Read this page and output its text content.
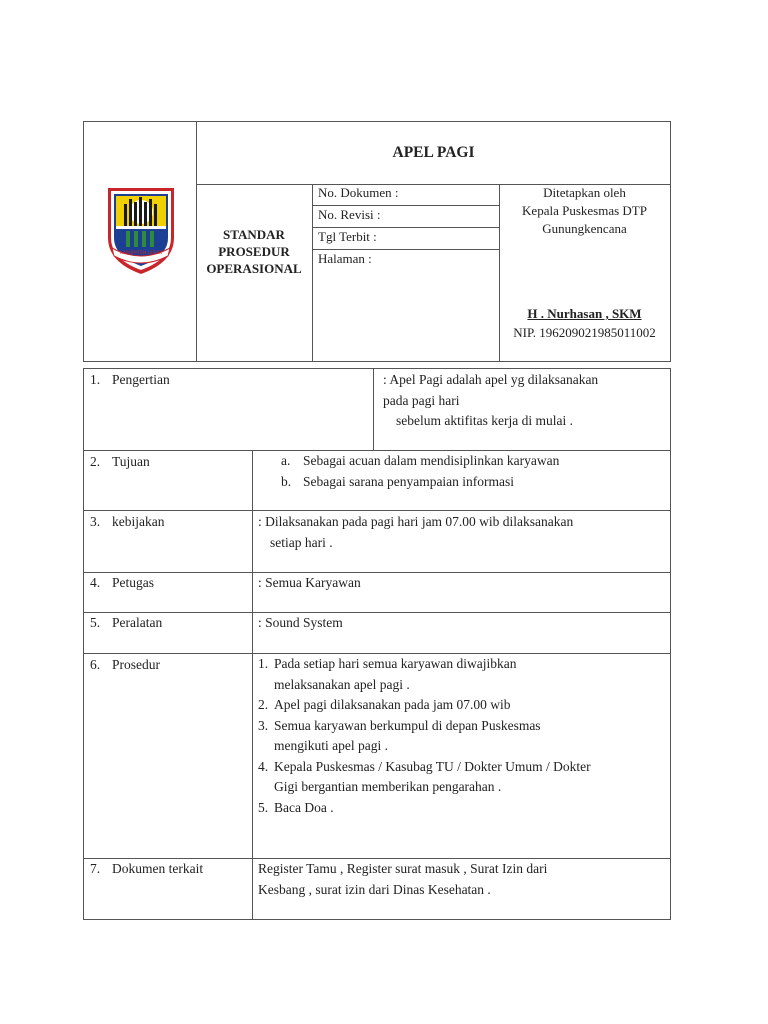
KABUPATEN LEBAK
APEL PAGI
STANDAR
PROSEDUR
OPERASIONAL
No. Dokumen :
No. Revisi :
Tgl Terbit :
Halaman :
Ditetapkan oleh
Kepala Puskesmas DTP
Gunungkencana
H . Nurhasan , SKM
NIP. 196209021985011002
1. Pengertian	: Apel Pagi adalah apel yg dilaksanakan
pada pagi hari
sebelum aktifitas kerja di mulai .
2. Tujuan	a. Sebagai acuan dalam mendisiplinkan karyawan
b. Sebagai sarana penyampaian informasi
3. kebijakan	: Dilaksanakan pada pagi hari jam 07.00 wib dilaksanakan
setiap hari .
4. Petugas	: Semua Karyawan
5. Peralatan	: Sound System
6. Prosedur	1. Pada setiap hari semua karyawan diwajibkan
melaksanakan apel pagi .
2. Apel pagi dilaksanakan pada jam 07.00 wib
3. Semua karyawan berkumpul di depan Puskesmas
mengikuti apel pagi .
4. Kepala Puskesmas / Kasubag TU / Dokter Umum / Dokter
Gigi bergantian memberikan pengarahan .
5. Baca Doa .
7. Dokumen terkait	Register Tamu , Register surat masuk , Surat Izin dari
Kesbang , surat izin dari Dinas Kesehatan .
